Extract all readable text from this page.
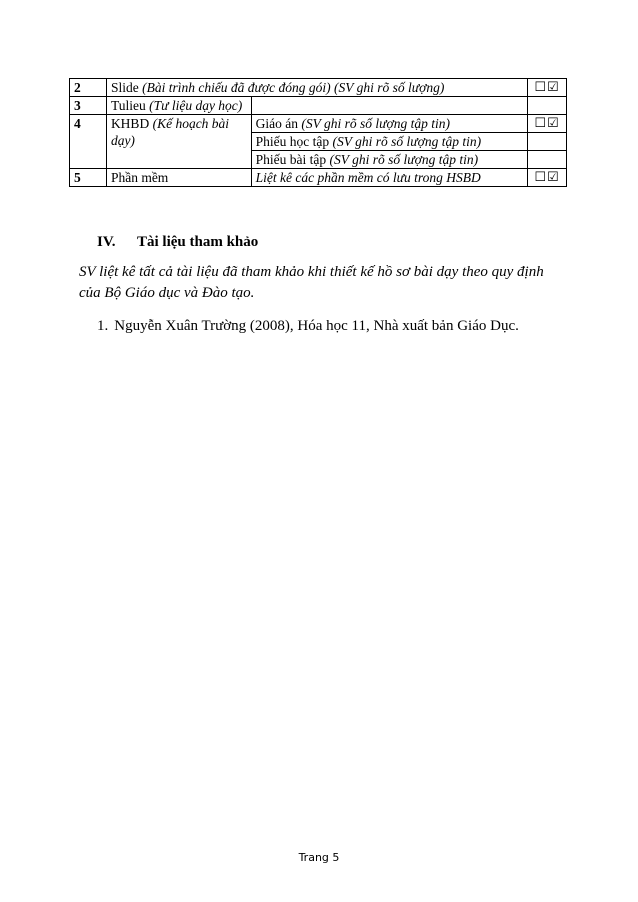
2	Slide (Bài trình chiếu đã được đóng gói) (SV ghi rõ số lượng)		☐☑
3	Tulieu (Tư liệu dạy học)		
4	KHBD (Kế hoạch bài dạy)	Giáo án (SV ghi rõ số lượng tập tin)	☐☑
		Phiếu học tập (SV ghi rõ số lượng tập tin)	
		Phiếu bài tập (SV ghi rõ số lượng tập tin)	
5	Phần mềm	Liệt kê các phần mềm có lưu trong HSBD	☐☑
IV. Tài liệu tham khảo
SV liệt kê tất cả tài liệu đã tham khảo khi thiết kế hồ sơ bài dạy theo quy định của Bộ Giáo dục và Đào tạo.
1. Nguyễn Xuân Trường (2008), Hóa học 11, Nhà xuất bản Giáo Dục.
Trang 5
